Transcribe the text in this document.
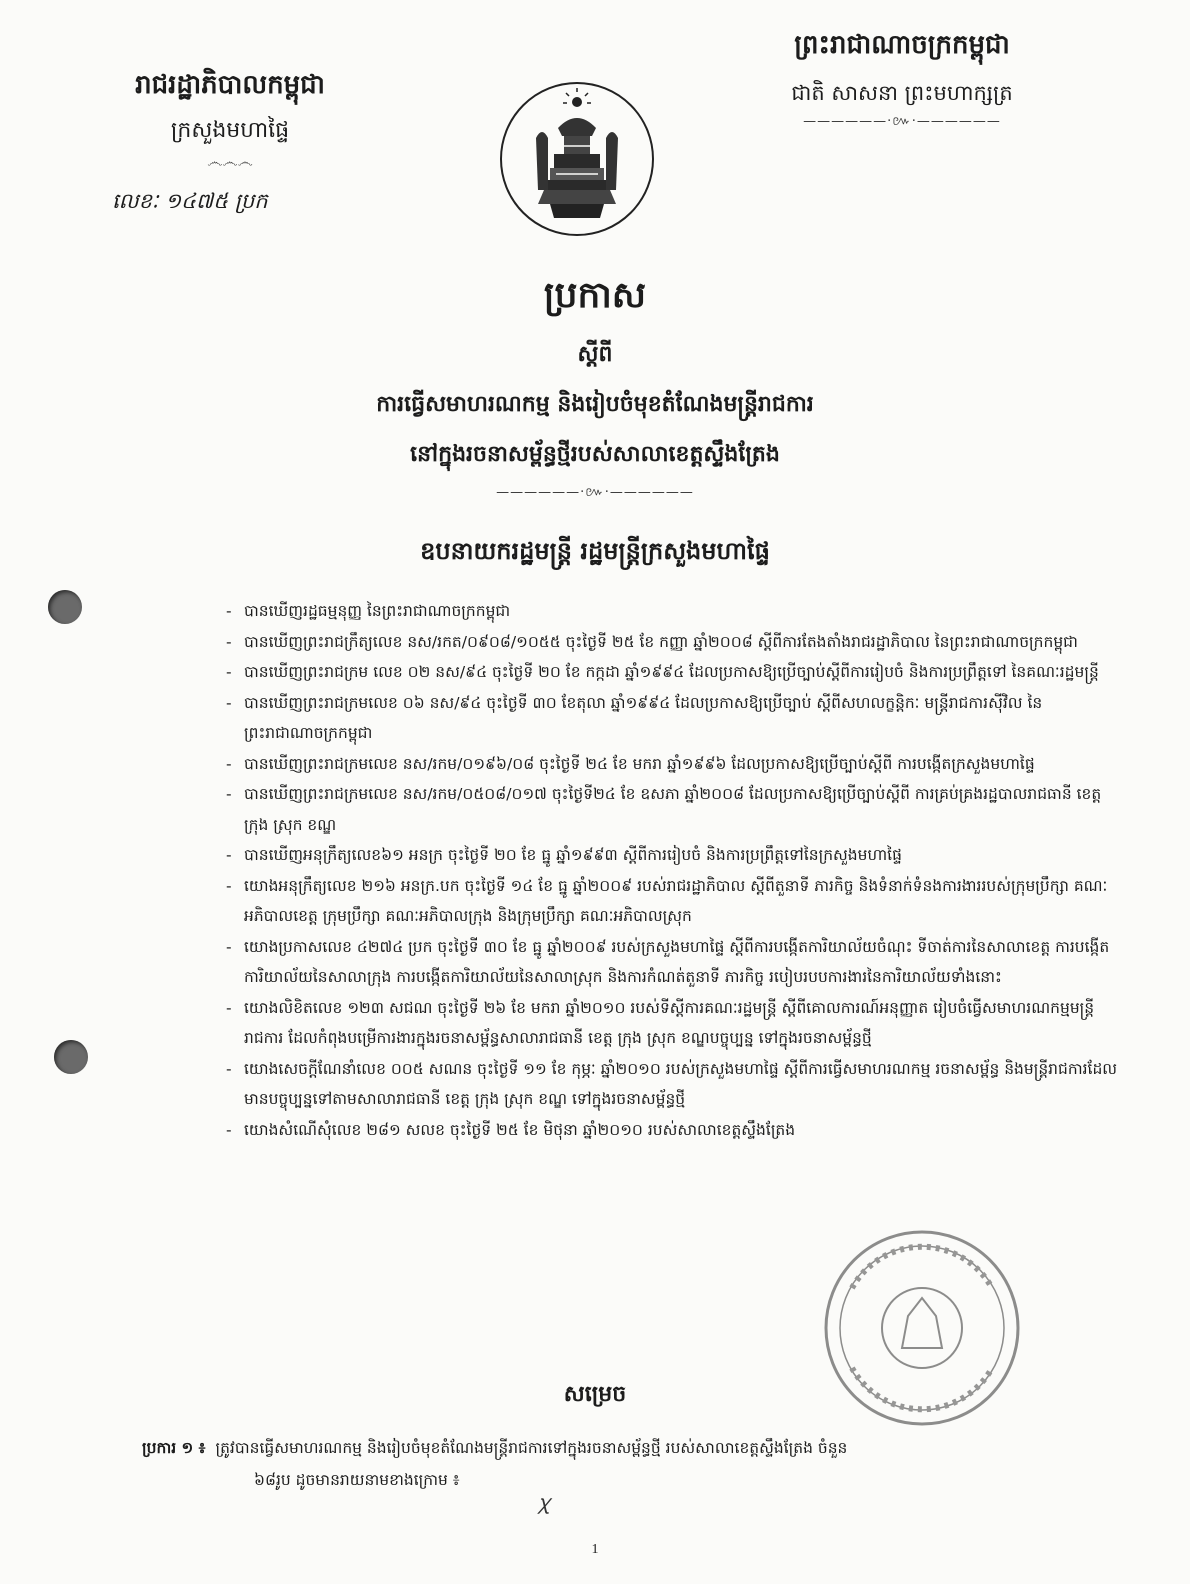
រាជរដ្ឋាភិបាលកម្ពុជា
ក្រសួងមហាផ្ទៃ
෴෴෴
លេខៈ ១៤៧៥ ប្រក
ព្រះរាជាណាចក្រកម្ពុជា
ជាតិ សាសនា ព្រះមហាក្សត្រ
——————·៚·——————
ប្រកាស
ស្ដីពី
ការធ្វើសមាហរណកម្ម និងរៀបចំមុខតំណែងមន្ត្រីរាជការ
នៅក្នុងរចនាសម្ព័ន្ធថ្មីរបស់សាលាខេត្តស្ទឹងត្រែង
——————·៚·——————
ឧបនាយករដ្ឋមន្ត្រី រដ្ឋមន្ត្រីក្រសួងមហាផ្ទៃ
- បានឃើញរដ្ឋធម្មនុញ្ញ នៃព្រះរាជាណាចក្រកម្ពុជា
- បានឃើញព្រះរាជក្រឹត្យលេខ នស/រកត/០៩០៨/១០៥៥ ចុះថ្ងៃទី ២៥ ខែ កញ្ញា ឆ្នាំ២០០៨ ស្ដីពីការតែងតាំងរាជរដ្ឋាភិបាល នៃព្រះរាជាណាចក្រកម្ពុជា
- បានឃើញព្រះរាជក្រម លេខ ០២ នស/៩៤ ចុះថ្ងៃទី ២០ ខែ កក្កដា ឆ្នាំ១៩៩៤ ដែលប្រកាសឱ្យប្រើច្បាប់ស្ដីពីការរៀបចំ និងការប្រព្រឹត្តទៅ នៃគណៈរដ្ឋមន្ត្រី
- បានឃើញព្រះរាជក្រមលេខ ០៦ នស/៩៤ ចុះថ្ងៃទី ៣០ ខែតុលា ឆ្នាំ១៩៩៤ ដែលប្រកាសឱ្យប្រើច្បាប់ ស្ដីពីសហលក្ខន្តិកៈ មន្ត្រីរាជការស៊ីវិល នៃព្រះរាជាណាចក្រកម្ពុជា
- បានឃើញព្រះរាជក្រមលេខ នស/រកម/០១៩៦/០៨ ចុះថ្ងៃទី ២៤ ខែ មករា ឆ្នាំ១៩៩៦ ដែលប្រកាសឱ្យប្រើច្បាប់ស្ដីពី ការបង្កើតក្រសួងមហាផ្ទៃ
- បានឃើញព្រះរាជក្រមលេខ នស/រកម/០៥០៨/០១៧ ចុះថ្ងៃទី២៤ ខែ ឧសភា ឆ្នាំ២០០៨ ដែលប្រកាសឱ្យប្រើច្បាប់ស្ដីពី ការគ្រប់គ្រងរដ្ឋបាលរាជធានី ខេត្ត ក្រុង ស្រុក ខណ្ឌ
- បានឃើញអនុក្រឹត្យលេខ៦១ អនក្រ ចុះថ្ងៃទី ២០ ខែ ធ្នូ ឆ្នាំ១៩៩៣ ស្ដីពីការរៀបចំ និងការប្រព្រឹត្តទៅនៃក្រសួងមហាផ្ទៃ
- យោងអនុក្រឹត្យលេខ ២១៦ អនក្រ.បក ចុះថ្ងៃទី ១៤ ខែ ធ្នូ ឆ្នាំ២០០៩ របស់រាជរដ្ឋាភិបាល ស្ដីពីតួនាទី ភារកិច្ច និងទំនាក់ទំនងការងាររបស់ក្រុមប្រឹក្សា គណៈអភិបាលខេត្ត ក្រុមប្រឹក្សា គណៈអភិបាលក្រុង និងក្រុមប្រឹក្សា គណៈអភិបាលស្រុក
- យោងប្រកាសលេខ ៤២៧៤ ប្រក ចុះថ្ងៃទី ៣០ ខែ ធ្នូ ឆ្នាំ២០០៩ របស់ក្រសួងមហាផ្ទៃ ស្ដីពីការបង្កើតការិយាល័យចំណុះ ទីចាត់ការនៃសាលាខេត្ត ការបង្កើតការិយាល័យនៃសាលាក្រុង ការបង្កើតការិយាល័យនៃសាលាស្រុក និងការកំណត់តួនាទី ភារកិច្ច របៀបរបបការងារនៃការិយាល័យទាំងនោះ
- យោងលិខិតលេខ ១២៣ សជណ ចុះថ្ងៃទី ២៦ ខែ មករា ឆ្នាំ២០១០ របស់ទីស្ដីការគណៈរដ្ឋមន្ត្រី ស្ដីពីគោលការណ៍អនុញ្ញាត រៀបចំធ្វើសមាហរណកម្មមន្ត្រីរាជការ ដែលកំពុងបម្រើការងារក្នុងរចនាសម្ព័ន្ធសាលារាជធានី ខេត្ត ក្រុង ស្រុក ខណ្ឌបច្ចុប្បន្ន ទៅក្នុងរចនាសម្ព័ន្ធថ្មី
- យោងសេចក្ដីណែនាំលេខ ០០៥ សណន ចុះថ្ងៃទី ១១ ខែ កុម្ភៈ ឆ្នាំ២០១០ របស់ក្រសួងមហាផ្ទៃ ស្ដីពីការធ្វើសមាហរណកម្ម រចនាសម្ព័ន្ធ និងមន្ត្រីរាជការដែលមានបច្ចុប្បន្នទៅតាមសាលារាជធានី ខេត្ត ក្រុង ស្រុក ខណ្ឌ ទៅក្នុងរចនាសម្ព័ន្ធថ្មី
- យោងសំណើសុំលេខ ២៨១ សលខ ចុះថ្ងៃទី ២៥ ខែ មិថុនា ឆ្នាំ២០១០ របស់សាលាខេត្តស្ទឹងត្រែង
សម្រេច
ប្រការ ១ ៖ ត្រូវបានធ្វើសមាហរណកម្ម និងរៀបចំមុខតំណែងមន្ត្រីរាជការទៅក្នុងរចនាសម្ព័ន្ធថ្មី របស់សាលាខេត្តស្ទឹងត្រែង ចំនួន
៦៨រូប ដូចមានរាយនាមខាងក្រោម ៖
ꭓ
1
